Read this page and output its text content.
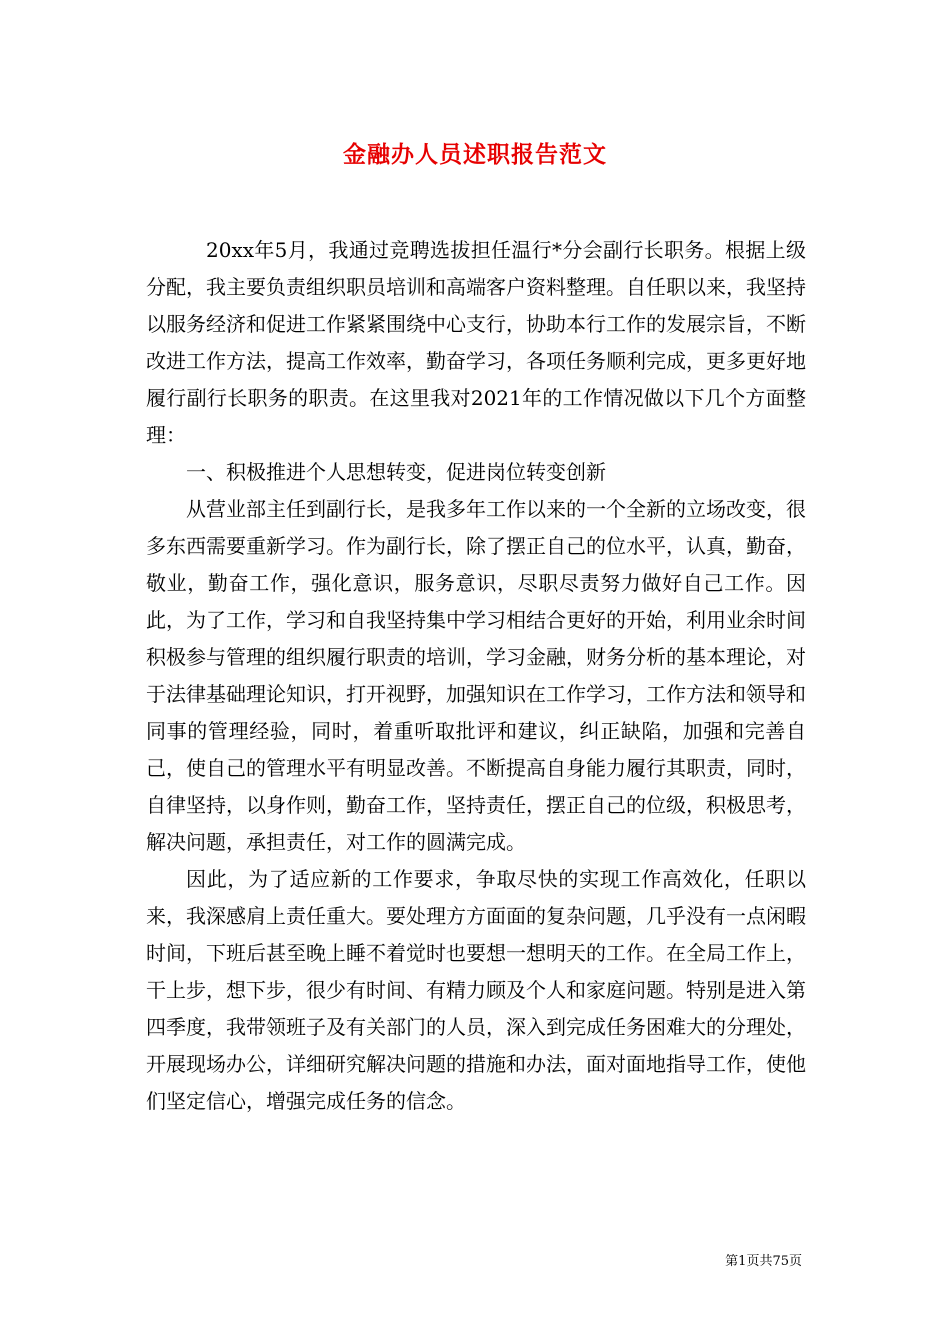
金融办人员述职报告范文

20xx年5月，我通过竞聘选拔担任温行*分会副行长职务。根据上级分配，我主要负责组织职员培训和高端客户资料整理。自任职以来，我坚持以服务经济和促进工作紧紧围绕中心支行，协助本行工作的发展宗旨，不断改进工作方法，提高工作效率，勤奋学习，各项任务顺利完成，更多更好地履行副行长职务的职责。在这里我对2021年的工作情况做以下几个方面整理：

一、积极推进个人思想转变，促进岗位转变创新

从营业部主任到副行长，是我多年工作以来的一个全新的立场改变，很多东西需要重新学习。作为副行长，除了摆正自己的位水平，认真，勤奋，敬业，勤奋工作，强化意识，服务意识，尽职尽责努力做好自己工作。因此，为了工作，学习和自我坚持集中学习相结合更好的开始，利用业余时间积极参与管理的组织履行职责的培训，学习金融，财务分析的基本理论，对于法律基础理论知识，打开视野，加强知识在工作学习，工作方法和领导和同事的管理经验，同时，着重听取批评和建议，纠正缺陷，加强和完善自己，使自己的管理水平有明显改善。不断提高自身能力履行其职责，同时，自律坚持，以身作则，勤奋工作，坚持责任，摆正自己的位级，积极思考，解决问题，承担责任，对工作的圆满完成。

因此，为了适应新的工作要求，争取尽快的实现工作高效化，任职以来，我深感肩上责任重大。要处理方方面面的复杂问题，几乎没有一点闲暇时间，下班后甚至晚上睡不着觉时也要想一想明天的工作。在全局工作上，干上步，想下步，很少有时间、有精力顾及个人和家庭问题。特别是进入第四季度，我带领班子及有关部门的人员，深入到完成任务困难大的分理处，开展现场办公，详细研究解决问题的措施和办法，面对面地指导工作，使他们坚定信心，增强完成任务的信念。

第1页共75页
